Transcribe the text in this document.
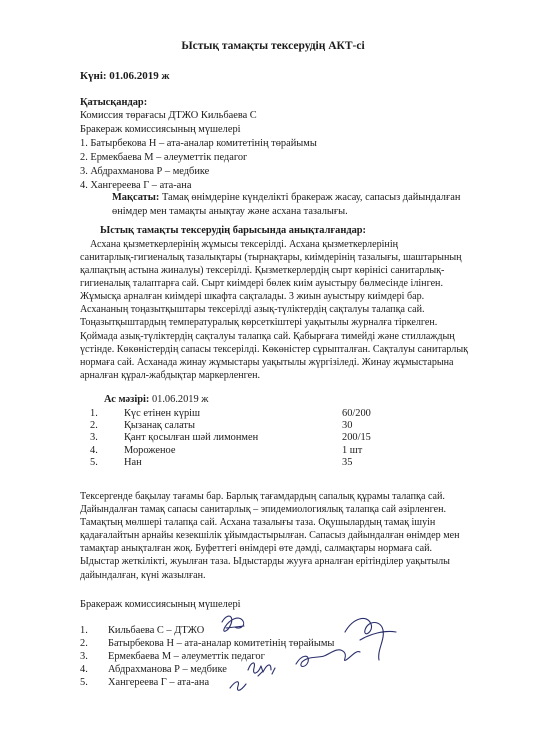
Ыстық тамақты тексерудің АКТ-сі
Күні: 01.06.2019 ж
Қатысқандар:
Комиссия төрағасы ДТЖО Кильбаева С
Бракераж комиссиясының мүшелері
1. Батырбекова Н – ата-аналар комитетінің төрайымы
2. Ермекбаева М – әлеуметтік педагог
3. Абдрахманова Р – медбике
4. Хангереева Г – ата-ана
Мақсаты: Тамақ өнімдеріне күнделікті бракераж жасау, сапасыз дайындалған өнімдер мен тамақты анықтау және асхана тазалығы.
Ыстық тамақты тексерудің барысында анықталғандар:
Асхана қызметкерлерінің жұмысы тексерілді. Асхана қызметкерлерінің
санитарлық-гигиеналық тазалықтары (тырнақтары, киімдерінің тазалығы, шаштарының
қалпақтың астына жиналуы) тексерілді. Қызметкерлердің сырт көрінісі санитарлық-
гигиеналық талаптарға сай. Сырт киімдері бөлек киім ауыстыру бөлмесінде ілінген.
Жұмысқа арналған киімдері шкафта сақталады. 3 жиын ауыстыру киімдері бар.
Асхананың тоңазытқыштары тексерілді азық-түліктердің сақталуы талапқа сай.
Тоңазытқыштардың температуралық көрсеткіштері уақытылы журналға тіркелген.
Қоймада азық-түліктердің сақталуы талапқа сай. Қабырғаға тимейді және стиллаждың
үстінде. Көкөністердің сапасы тексерілді. Көкөністер сұрыпталған. Сақталуы санитарлық
нормаға сай. Асханада жинау жұмыстары уақытылы жүргізіледі. Жинау жұмыстарына
арналған құрал-жабдықтар маркерленген.
Ас мәзірі: 01.06.2019 ж
1.	Күс етінен күріш	60/200
2.	Қызанақ салаты	30
3.	Қант қосылған шәй лимонмен	200/15
4.	Мороженое	1 шт
5.	Нан	35
Тексергенде бақылау тағамы бар. Барлық тағамдардың сапалық құрамы талапқа сай.
Дайындалған тамақ сапасы санитарлық – эпидемиологиялық талапқа сай әзірленген.
Тамақтың мөлшері талапқа сай. Асхана тазалығы таза. Оқушылардың тамақ ішуін
қадағалайтын арнайы кезекшілік ұйымдастырылған. Сапасыз дайындалған өнімдер мен
тамақтар анықталған жоқ. Буфеттегі өнімдері өте дәмді, салмақтары нормаға сай.
Ыдыстар жеткілікті, жуылған таза. Ыдыстарды жууға арналған ерітінділер уақытылы
дайындалған, күні жазылған.
Бракераж комиссиясының мүшелері
1. Кильбаева С – ДТЖО
2. Батырбекова Н – ата-аналар комитетінің төрайымы
3. Ермекбаева М – әлеуметтік педагог
4. Абдрахманова Р – медбике
5. Хангереева Г – ата-ана
